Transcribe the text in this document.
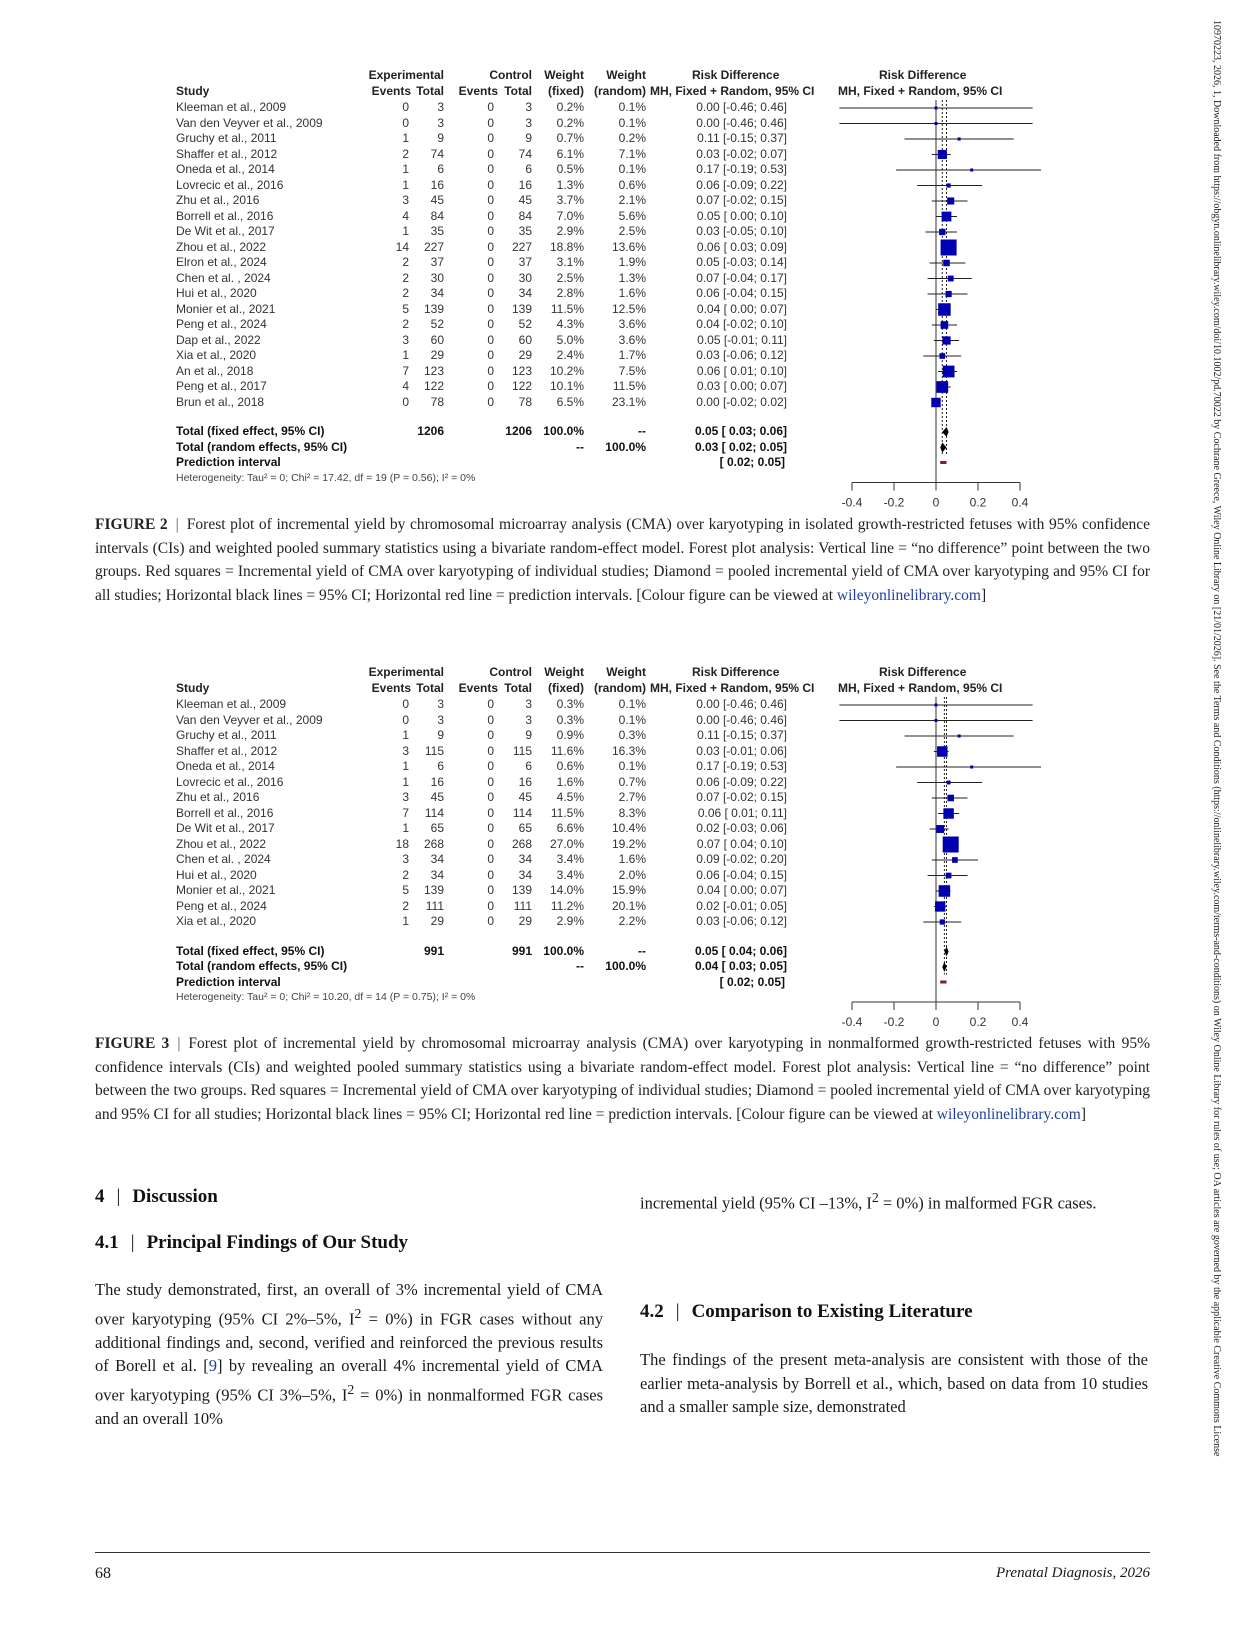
10970223, 2026, 1, Downloaded from https://obgyn.onlinelibrary.wiley.com/doi/10.1002/pd.70022 by Cochrane Greece, Wiley Online Library on [21/01/2026]. See the Terms and Conditions (https://onlinelibrary.wiley.com/terms-and-conditions) on Wiley Online Library for rules of use; OA articles are governed by the applicable Creative Commons License
Experimental	Control Weight Weight	Risk Difference	Risk Difference
Study	Events Total Events Total (fixed) (random) MH, Fixed + Random, 95% CI MH, Fixed + Random, 95% CI
Kleeman et al., 2009	0 3	0	3 0.2%	0.1%	0.00 [-0.46; 0.46]
Van den Veyver et al., 2009	0 3	0	3 0.2%	0.1%	0.00 [-0.46; 0.46]
Gruchy et al., 2011	1 9	0	9 0.7%	0.2%	0.11 [-0.15; 0.37]
Shaffer et al., 2012	2 74	0 74 6.1%	7.1%	0.03 [-0.02; 0.07]
Oneda et al., 2014	1 6	0	6 0.5%	0.1%	0.17 [-0.19; 0.53]
Lovrecic et al., 2016	1 16	0 16 1.3%	0.6%	0.06 [-0.09; 0.22]
Zhu et al., 2016	3 45	0 45 3.7%	2.1%	0.07 [-0.02; 0.15]
Borrell et al., 2016	4 84	0 84 7.0%	5.6%	0.05 [ 0.00; 0.10]
De Wit et al., 2017	1 35	0 35 2.9%	2.5%	0.03 [-0.05; 0.10]
Zhou et al., 2022	14 227	0 227 18.8% 13.6%	0.06 [ 0.03; 0.09]
Elron et al., 2024	2 37	0 37 3.1%	1.9%	0.05 [-0.03; 0.14]
Chen et al. , 2024	2 30	0 30 2.5%	1.3%	0.07 [-0.04; 0.17]
Hui et al., 2020	2 34	0 34 2.8%	1.6%	0.06 [-0.04; 0.15]
Monier et al., 2021	5 139	0 139 11.5% 12.5%	0.04 [ 0.00; 0.07]
Peng et al., 2024	2 52	0 52 4.3%	3.6%	0.04 [-0.02; 0.10]
Dap et al., 2022	3 60	0 60 5.0%	3.6%	0.05 [-0.01; 0.11]
Xia et al., 2020	1 29	0 29 2.4%	1.7%	0.03 [-0.06; 0.12]
An et al., 2018	7 123	0 123 10.2%	7.5%	0.06 [ 0.01; 0.10]
Peng et al., 2017	4 122	0 122 10.1% 11.5%	0.03 [ 0.00; 0.07]
Brun et al., 2018	0 78	0 78 6.5% 23.1%	0.00 [-0.02; 0.02]
Total (fixed effect, 95% CI)	1206	1206 100.0%	--	0.05 [ 0.03; 0.06]
Total (random effects, 95% CI)	-- 100.0%	0.03 [ 0.02; 0.05]
Prediction interval	[ 0.02; 0.05]
Heterogeneity: Tau² = 0; Chi² = 17.42, df = 19 (P = 0.56); I² = 0%
-0.4 -0.2 0	0.2 0.4
FIGURE 2 | Forest plot of incremental yield by chromosomal microarray analysis (CMA) over karyotyping in isolated growth-restricted fetuses with 95% confidence intervals (CIs) and weighted pooled summary statistics using a bivariate random-effect model. Forest plot analysis: Vertical line = “no difference” point between the two groups. Red squares = Incremental yield of CMA over karyotyping of individual studies; Diamond = pooled incremental yield of CMA over karyotyping and 95% CI for all studies; Horizontal black lines = 95% CI; Horizontal red line = prediction intervals. [Colour figure can be viewed at wileyonlinelibrary.com]
Experimental	Control Weight Weight	Risk Difference	Risk Difference
Study	Events Total Events Total (fixed) (random) MH, Fixed + Random, 95% CI MH, Fixed + Random, 95% CI
Kleeman et al., 2009	0 3	0	3 0.3%	0.1%	0.00 [-0.46; 0.46]
Van den Veyver et al., 2009	0 3	0	3 0.3%	0.1%	0.00 [-0.46; 0.46]
Gruchy et al., 2011	1 9	0	9 0.9%	0.3%	0.11 [-0.15; 0.37]
Shaffer et al., 2012	3 115	0 115 11.6% 16.3%	0.03 [-0.01; 0.06]
Oneda et al., 2014	1 6	0	6 0.6%	0.1%	0.17 [-0.19; 0.53]
Lovrecic et al., 2016	1 16	0 16 1.6%	0.7%	0.06 [-0.09; 0.22]
Zhu et al., 2016	3 45	0 45 4.5%	2.7%	0.07 [-0.02; 0.15]
Borrell et al., 2016	7 114	0 114 11.5%	8.3%	0.06 [ 0.01; 0.11]
De Wit et al., 2017	1 65	0 65 6.6% 10.4%	0.02 [-0.03; 0.06]
Zhou et al., 2022	18 268	0 268 27.0% 19.2%	0.07 [ 0.04; 0.10]
Chen et al. , 2024	3 34	0 34 3.4%	1.6%	0.09 [-0.02; 0.20]
Hui et al., 2020	2 34	0 34 3.4%	2.0%	0.06 [-0.04; 0.15]
Monier et al., 2021	5 139	0 139 14.0% 15.9%	0.04 [ 0.00; 0.07]
Peng et al., 2024	2 111	0 111 11.2% 20.1%	0.02 [-0.01; 0.05]
Xia et al., 2020	1 29	0 29 2.9%	2.2%	0.03 [-0.06; 0.12]
Total (fixed effect, 95% CI)	991	991 100.0%	--	0.05 [ 0.04; 0.06]
Total (random effects, 95% CI)	-- 100.0%	0.04 [ 0.03; 0.05]
Prediction interval	[ 0.02; 0.05]
Heterogeneity: Tau² = 0; Chi² = 10.20, df = 14 (P = 0.75); I² = 0%
-0.4 -0.2 0	0.2 0.4
FIGURE 3 | Forest plot of incremental yield by chromosomal microarray analysis (CMA) over karyotyping in nonmalformed growth-restricted fetuses with 95% confidence intervals (CIs) and weighted pooled summary statistics using a bivariate random-effect model. Forest plot analysis: Vertical line = “no difference” point between the two groups. Red squares = Incremental yield of CMA over karyotyping of individual studies; Diamond = pooled incremental yield of CMA over karyotyping and 95% CI for all studies; Horizontal black lines = 95% CI; Horizontal red line = prediction intervals. [Colour figure can be viewed at wileyonlinelibrary.com]
4 | Discussion
4.1 | Principal Findings of Our Study
The study demonstrated, first, an overall of 3% incremental yield of CMA over karyotyping (95% CI 2%–5%, $I^2 = 0\%$) in FGR cases without any additional findings and, second, verified and reinforced the previous results of Borell et al. [9] by revealing an overall 4% incremental yield of CMA over karyotyping (95% CI 3%–5%, $I^2 = 0\%$) in nonmalformed FGR cases and an overall 10%
incremental yield (95% CI –13%, $I^2 = 0\%$) in malformed FGR cases.
4.2 | Comparison to Existing Literature
The findings of the present meta-analysis are consistent with those of the earlier meta-analysis by Borrell et al., which, based on data from 10 studies and a smaller sample size, demonstrated
68	Prenatal Diagnosis, 2026
